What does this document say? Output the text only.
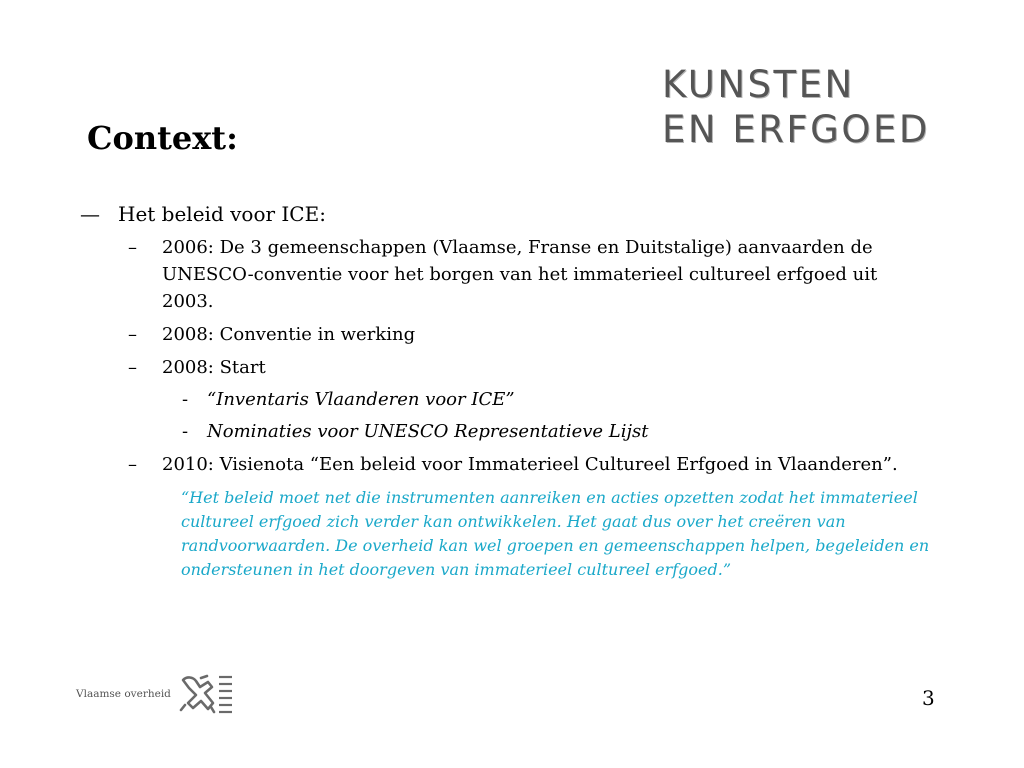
Context:
KUNSTEN
EN ERFGOED
— Het beleid voor ICE:
– 2006: De 3 gemeenschappen (Vlaamse, Franse en Duitstalige) aanvaarden de UNESCO-conventie voor het borgen van het immaterieel cultureel erfgoed uit 2003.
– 2008: Conventie in werking
– 2008: Start
- “Inventaris Vlaanderen voor ICE”
- Nominaties voor UNESCO Representatieve Lijst
– 2010: Visienota “Een beleid voor Immaterieel Cultureel Erfgoed in Vlaanderen”.
“Het beleid moet net die instrumenten aanreiken en acties opzetten zodat het immaterieel cultureel erfgoed zich verder kan ontwikkelen. Het gaat dus over het creëren van randvoorwaarden. De overheid kan wel groepen en gemeenschappen helpen, begeleiden en ondersteunen in het doorgeven van immaterieel cultureel erfgoed.”
Vlaamse overheid	3
